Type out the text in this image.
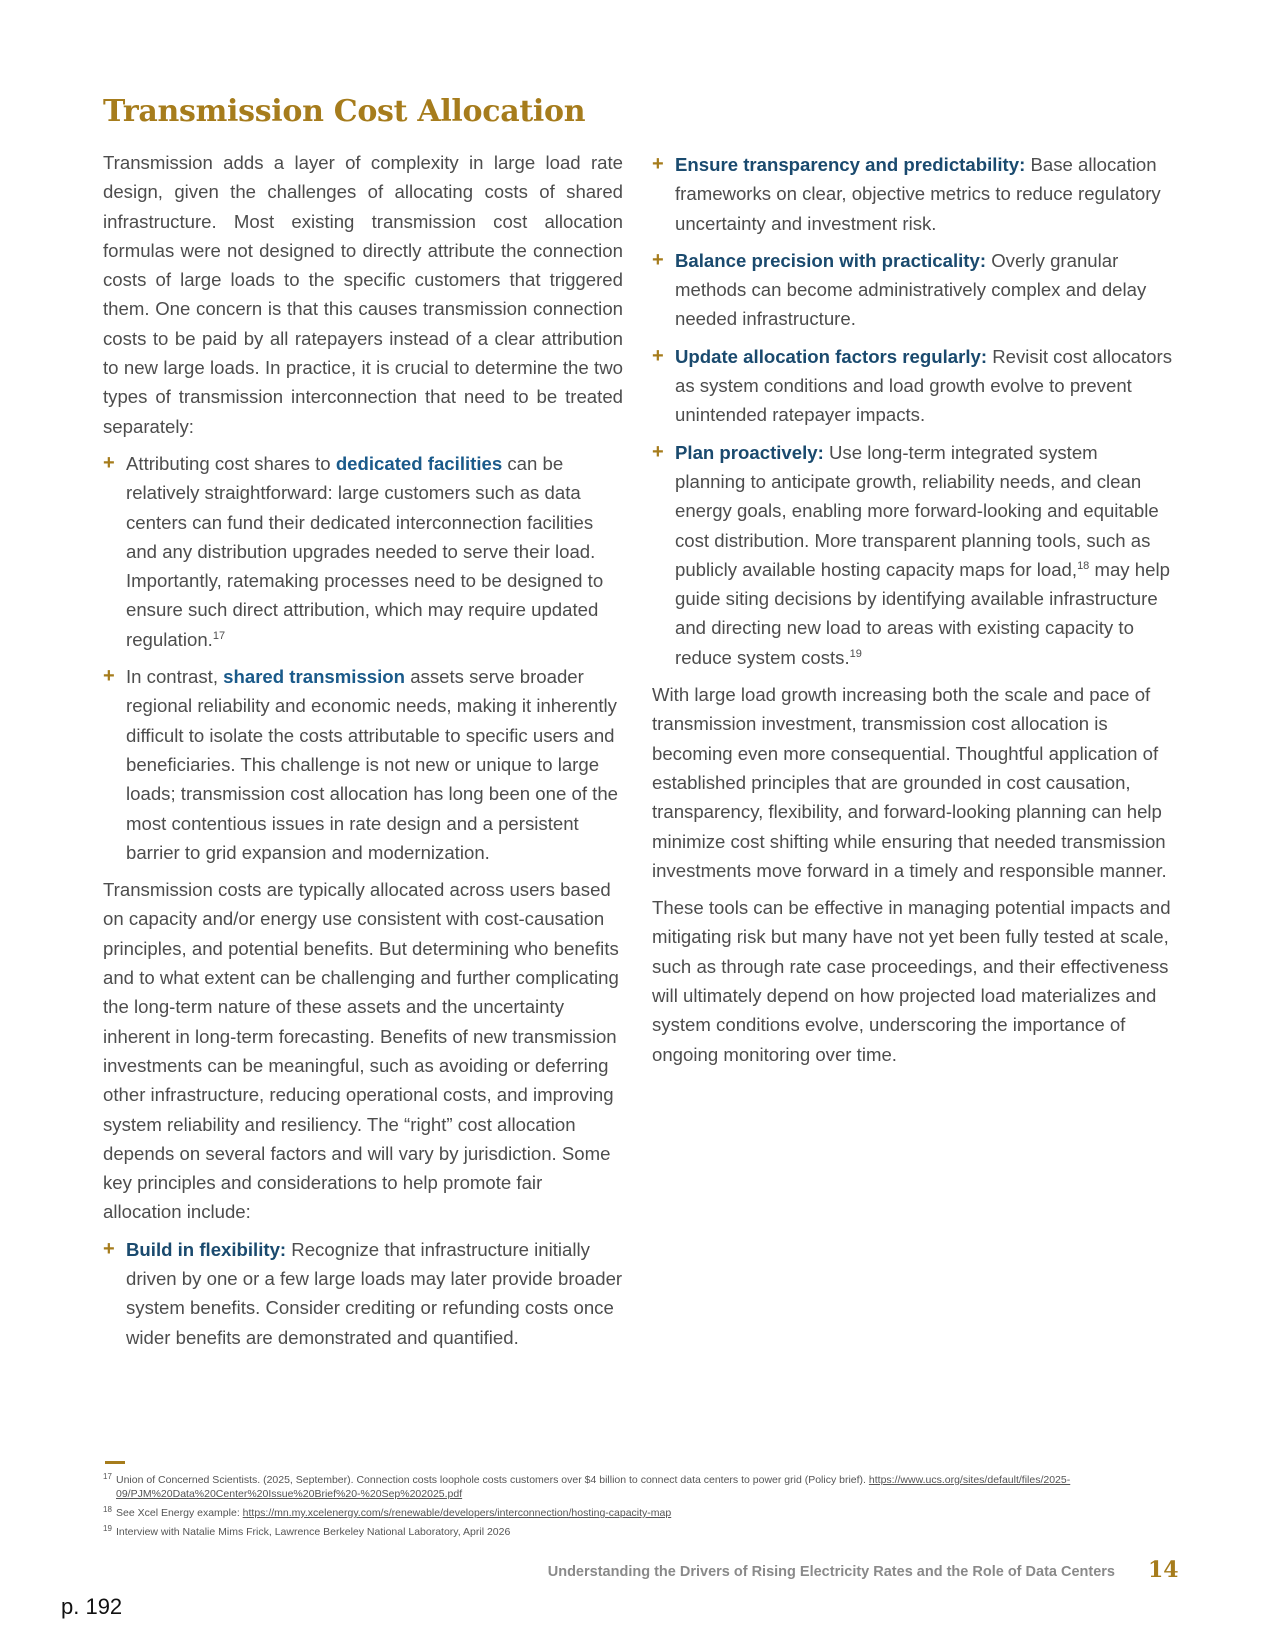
Transmission Cost Allocation

Transmission adds a layer of complexity in large load rate design, given the challenges of allocating costs of shared infrastructure. Most existing transmission cost allocation formulas were not designed to directly attribute the connection costs of large loads to the specific customers that triggered them. One concern is that this causes transmission connection costs to be paid by all ratepayers instead of a clear attribution to new large loads. In practice, it is crucial to determine the two types of transmission interconnection that need to be treated separately:

+ Attributing cost shares to dedicated facilities can be relatively straightforward: large customers such as data centers can fund their dedicated interconnection facilities and any distribution upgrades needed to serve their load. Importantly, ratemaking processes need to be designed to ensure such direct attribution, which may require updated regulation.$^{17}$
+ In contrast, shared transmission assets serve broader regional reliability and economic needs, making it inherently difficult to isolate the costs attributable to specific users and beneficiaries. This challenge is not new or unique to large loads; transmission cost allocation has long been one of the most contentious issues in rate design and a persistent barrier to grid expansion and modernization.

Transmission costs are typically allocated across users based on capacity and/or energy use consistent with cost-causation principles, and potential benefits. But determining who benefits and to what extent can be challenging and further complicating the long-term nature of these assets and the uncertainty inherent in long-term forecasting. Benefits of new transmission investments can be meaningful, such as avoiding or deferring other infrastructure, reducing operational costs, and improving system reliability and resiliency. The “right” cost allocation depends on several factors and will vary by jurisdiction. Some key principles and considerations to help promote fair allocation include:

+ Build in flexibility: Recognize that infrastructure initially driven by one or a few large loads may later provide broader system benefits. Consider crediting or refunding costs once wider benefits are demonstrated and quantified.
+ Ensure transparency and predictability: Base allocation frameworks on clear, objective metrics to reduce regulatory uncertainty and investment risk.
+ Balance precision with practicality: Overly granular methods can become administratively complex and delay needed infrastructure.
+ Update allocation factors regularly: Revisit cost allocators as system conditions and load growth evolve to prevent unintended ratepayer impacts.
+ Plan proactively: Use long-term integrated system planning to anticipate growth, reliability needs, and clean energy goals, enabling more forward-looking and equitable cost distribution. More transparent planning tools, such as publicly available hosting capacity maps for load,$^{18}$ may help guide siting decisions by identifying available infrastructure and directing new load to areas with existing capacity to reduce system costs.$^{19}$

With large load growth increasing both the scale and pace of transmission investment, transmission cost allocation is becoming even more consequential. Thoughtful application of established principles that are grounded in cost causation, transparency, flexibility, and forward-looking planning can help minimize cost shifting while ensuring that needed transmission investments move forward in a timely and responsible manner.

These tools can be effective in managing potential impacts and mitigating risk but many have not yet been fully tested at scale, such as through rate case proceedings, and their effectiveness will ultimately depend on how projected load materializes and system conditions evolve, underscoring the importance of ongoing monitoring over time.

17 Union of Concerned Scientists. (2025, September). Connection costs loophole costs customers over $4 billion to connect data centers to power grid (Policy brief). https://www.ucs.org/sites/default/files/2025-09/PJM%20Data%20Center%20Issue%20Brief%20-%20Sep%202025.pdf
18 See Xcel Energy example: https://mn.my.xcelenergy.com/s/renewable/developers/interconnection/hosting-capacity-map
19 Interview with Natalie Mims Frick, Lawrence Berkeley National Laboratory, April 2026
Understanding the Drivers of Rising Electricity Rates and the Role of Data Centers 14
p. 192
